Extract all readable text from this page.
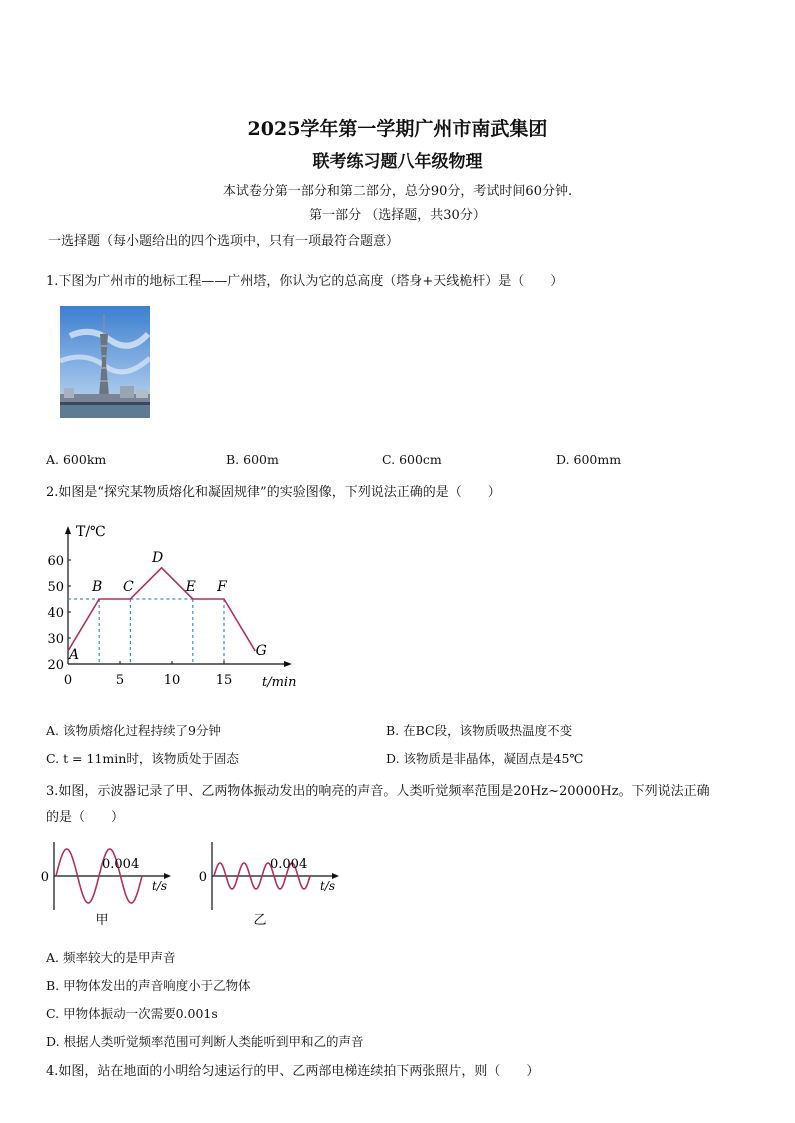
2025学年第一学期广州市南武集团
联考练习题八年级物理
本试卷分第一部分和第二部分，总分90分，考试时间60分钟.
第一部分 （选择题，共30分）
一选择题（每小题给出的四个选项中，只有一项最符合题意）
1.下图为广州市的地标工程——广州塔，你认为它的总高度（塔身+天线桅杆）是（　　）
A. 600km	B. 600m	C. 600cm	D. 600mm
2.如图是“探究某物质熔化和凝固规律”的实验图像，下列说法正确的是（　　）
T/℃
t/min
20
30
40
50
60
0	5	10	15
A
B C
D
E F
G
A. 该物质熔化过程持续了9分钟	B. 在BC段，该物质吸热温度不变
C. t = 11min时，该物质处于固态	D. 该物质是非晶体，凝固点是45℃
3.如图，示波器记录了甲、乙两物体振动发出的响亮的声音。人类听觉频率范围是20Hz~20000Hz。下列说法正确
的是（　　）
0
0.004
t/s
甲
0
0.004
t/s
乙
A. 频率较大的是甲声音
B. 甲物体发出的声音响度小于乙物体
C. 甲物体振动一次需要0.001s
D. 根据人类听觉频率范围可判断人类能听到甲和乙的声音
4.如图，站在地面的小明给匀速运行的甲、乙两部电梯连续拍下两张照片，则（　　）
